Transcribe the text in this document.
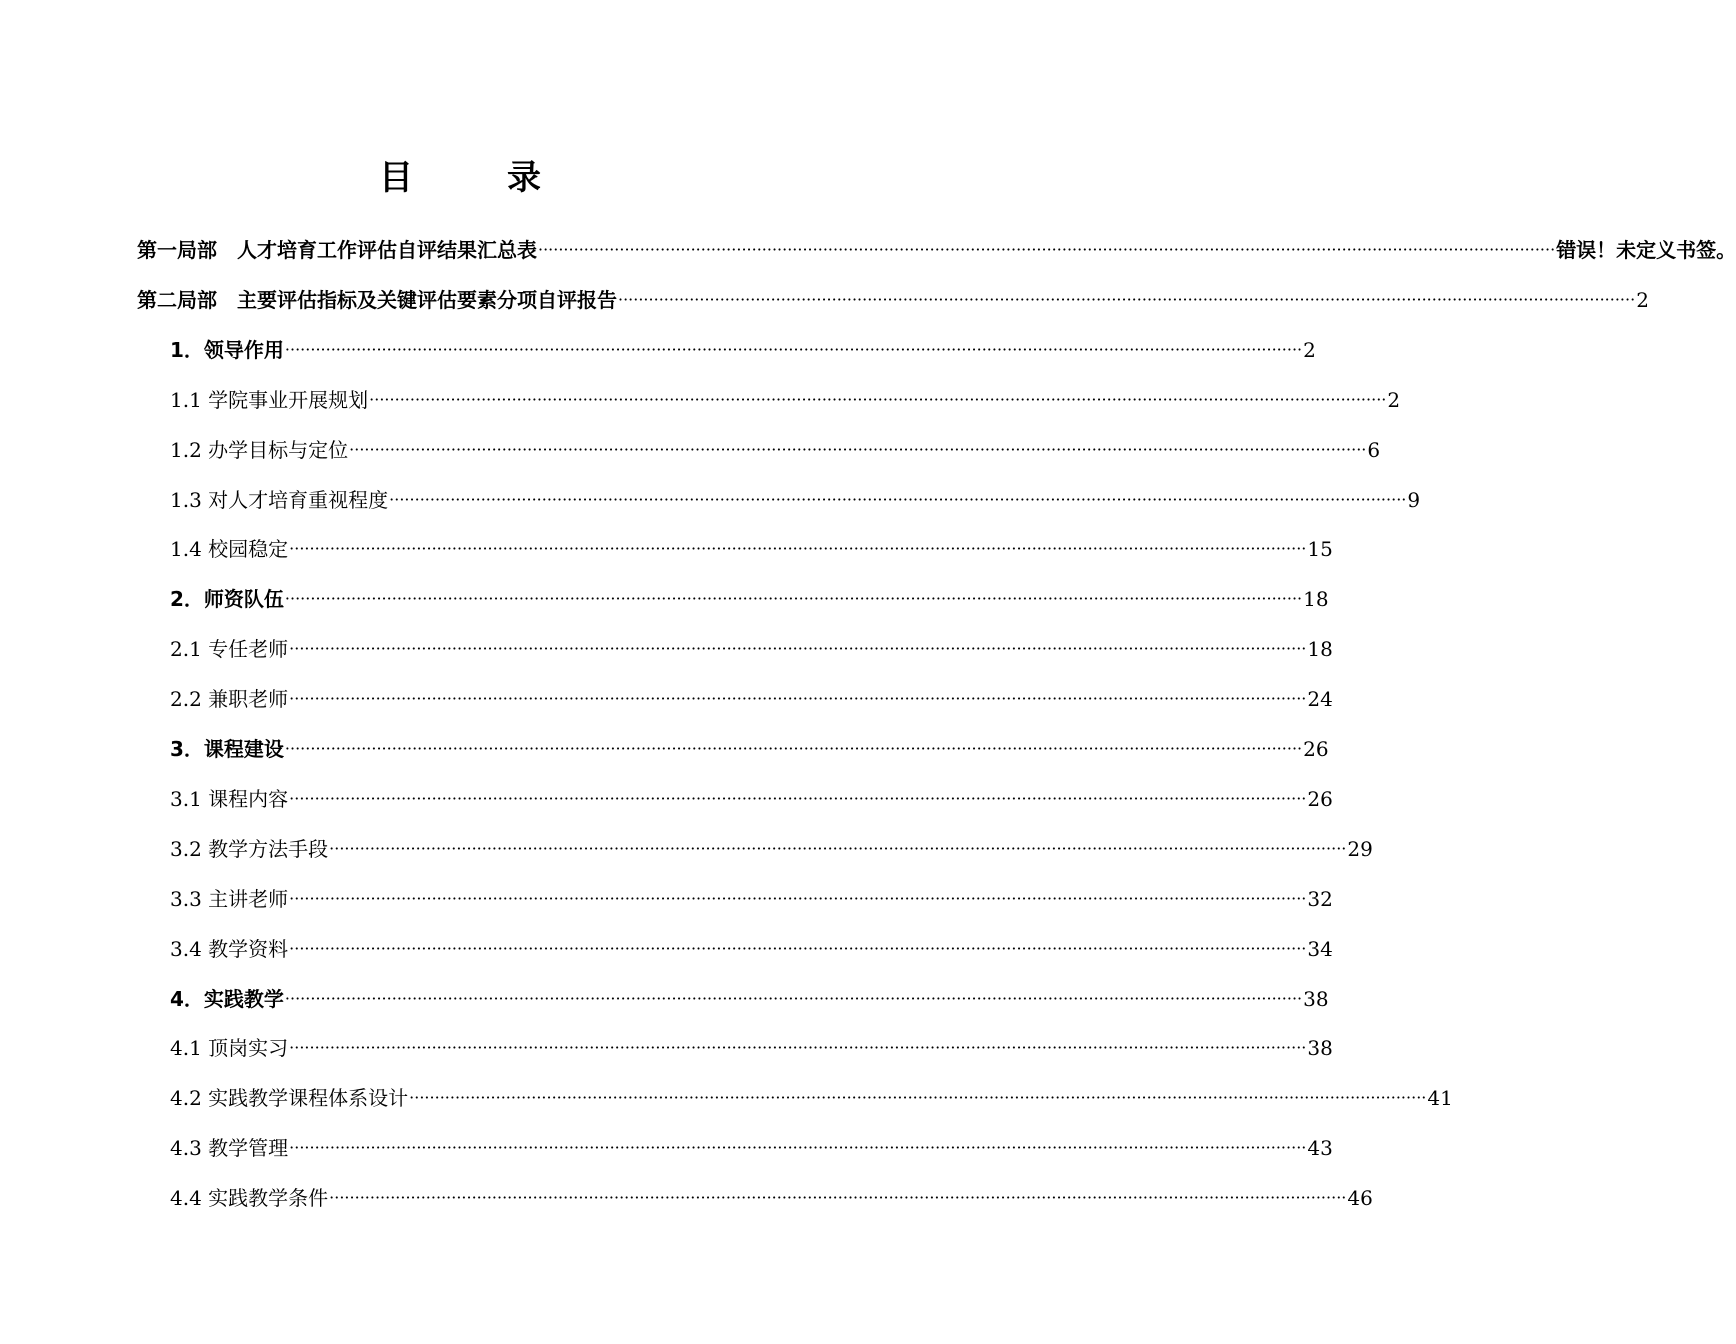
目　录
第一局部　人才培育工作评估自评结果汇总表 ········································································································································································································ 错误！未定义书签。
第二局部　主要评估指标及关键评估要素分项自评报告 ········································································································································································································ 2
1．领导作用 ········································································································································································································ 2
1.1 学院事业开展规划 ········································································································································································································ 2
1.2 办学目标与定位 ········································································································································································································ 6
1.3 对人才培育重视程度 ········································································································································································································ 9
1.4 校园稳定 ········································································································································································································ 15
2．师资队伍 ········································································································································································································ 18
2.1 专任老师 ········································································································································································································ 18
2.2 兼职老师 ········································································································································································································ 24
3．课程建设 ········································································································································································································ 26
3.1 课程内容 ········································································································································································································ 26
3.2 教学方法手段 ········································································································································································································ 29
3.3 主讲老师 ········································································································································································································ 32
3.4 教学资料 ········································································································································································································ 34
4．实践教学 ········································································································································································································ 38
4.1 顶岗实习 ········································································································································································································ 38
4.2 实践教学课程体系设计 ········································································································································································································ 41
4.3 教学管理 ········································································································································································································ 43
4.4 实践教学条件 ········································································································································································································ 46
